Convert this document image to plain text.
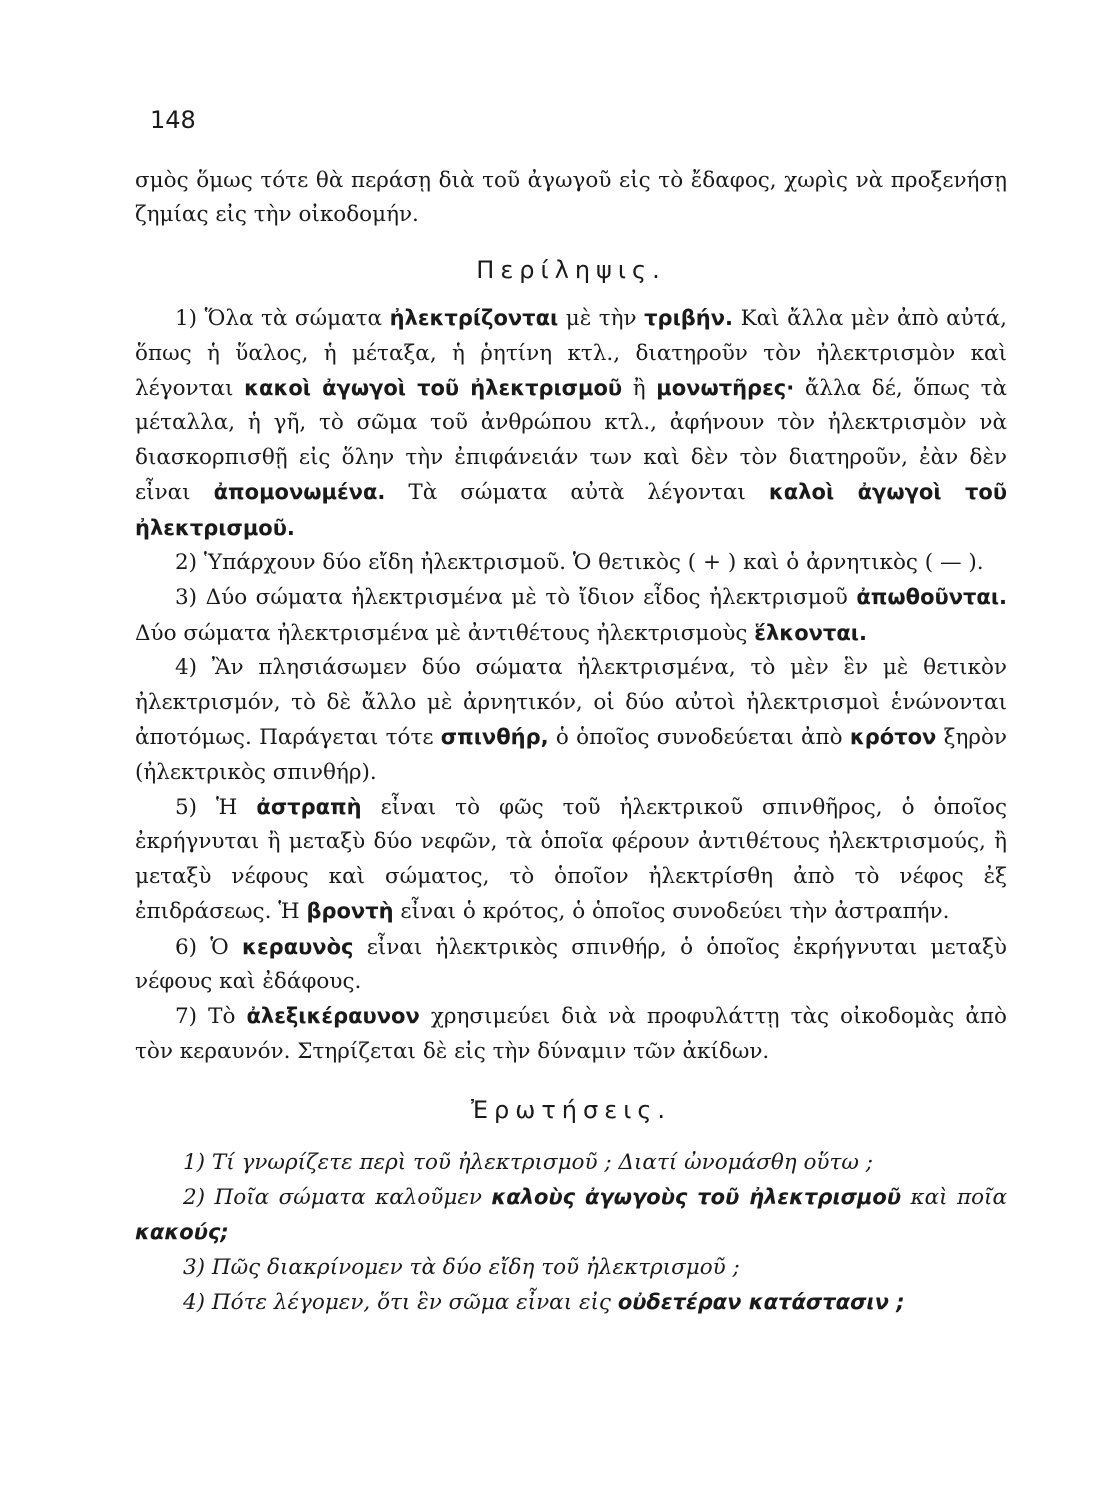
148

σμὸς ὅμως τότε θὰ περάσῃ διὰ τοῦ ἀγωγοῦ εἰς τὸ ἔδαφος, χωρὶς νὰ προξενήσῃ ζημίας εἰς τὴν οἰκοδομήν.

Περίληψις.

1) Ὅλα τὰ σώματα ἠλεκτρίζονται μὲ τὴν τριβήν. Καὶ ἄλλα μὲν ἀπὸ αὐτά, ὅπως ἡ ὕαλος, ἡ μέταξα, ἡ ῥητίνη κτλ., διατηροῦν τὸν ἠλεκτρισμὸν καὶ λέγονται κακοὶ ἀγωγοὶ τοῦ ἠλεκτρισμοῦ ἢ μονωτῆρες· ἄλλα δέ, ὅπως τὰ μέταλλα, ἡ γῆ, τὸ σῶμα τοῦ ἀνθρώπου κτλ., ἀφήνουν τὸν ἠλεκτρισμὸν νὰ διασκορπισθῇ εἰς ὅλην τὴν ἐπιφάνειάν των καὶ δὲν τὸν διατηροῦν, ἐὰν δὲν εἶναι ἀπομονωμένα. Τὰ σώματα αὐτὰ λέγονται καλοὶ ἀγωγοὶ τοῦ ἠλεκτρισμοῦ.

2) Ὑπάρχουν δύο εἴδη ἠλεκτρισμοῦ. Ὁ θετικὸς ( + ) καὶ ὁ ἀρνητικὸς ( — ).

3) Δύο σώματα ἠλεκτρισμένα μὲ τὸ ἴδιον εἶδος ἠλεκτρισμοῦ ἀπωθοῦνται. Δύο σώματα ἠλεκτρισμένα μὲ ἀντιθέτους ἠλεκτρισμοὺς ἕλκονται.

4) Ἂν πλησιάσωμεν δύο σώματα ἠλεκτρισμένα, τὸ μὲν ἓν μὲ θετικὸν ἠλεκτρισμόν, τὸ δὲ ἄλλο μὲ ἀρνητικόν, οἱ δύο αὐτοὶ ἠλεκτρισμοὶ ἑνώνονται ἀποτόμως. Παράγεται τότε σπινθήρ, ὁ ὁποῖος συνοδεύεται ἀπὸ κρότον ξηρὸν (ἠλεκτρικὸς σπινθήρ).

5) Ἡ ἀστραπὴ εἶναι τὸ φῶς τοῦ ἠλεκτρικοῦ σπινθῆρος, ὁ ὁποῖος ἐκρήγνυται ἢ μεταξὺ δύο νεφῶν, τὰ ὁποῖα φέρουν ἀντιθέτους ἠλεκτρισμούς, ἢ μεταξὺ νέφους καὶ σώματος, τὸ ὁποῖον ἠλεκτρίσθη ἀπὸ τὸ νέφος ἐξ ἐπιδράσεως. Ἡ βροντὴ εἶναι ὁ κρότος, ὁ ὁποῖος συνοδεύει τὴν ἀστραπήν.

6) Ὁ κεραυνὸς εἶναι ἠλεκτρικὸς σπινθήρ, ὁ ὁποῖος ἐκρήγνυται μεταξὺ νέφους καὶ ἐδάφους.

7) Τὸ ἀλεξικέραυνον χρησιμεύει διὰ νὰ προφυλάττῃ τὰς οἰκοδομὰς ἀπὸ τὸν κεραυνόν. Στηρίζεται δὲ εἰς τὴν δύναμιν τῶν ἀκίδων.

Ἐρωτήσεις.

1) Τί γνωρίζετε περὶ τοῦ ἠλεκτρισμοῦ ; Διατί ὠνομάσθη οὕτω ;

2) Ποῖα σώματα καλοῦμεν καλοὺς ἀγωγοὺς τοῦ ἠλεκτρισμοῦ καὶ ποῖα κακούς;

3) Πῶς διακρίνομεν τὰ δύο εἴδη τοῦ ἠλεκτρισμοῦ ;

4) Πότε λέγομεν, ὅτι ἓν σῶμα εἶναι εἰς οὐδετέραν κατάστασιν ;
